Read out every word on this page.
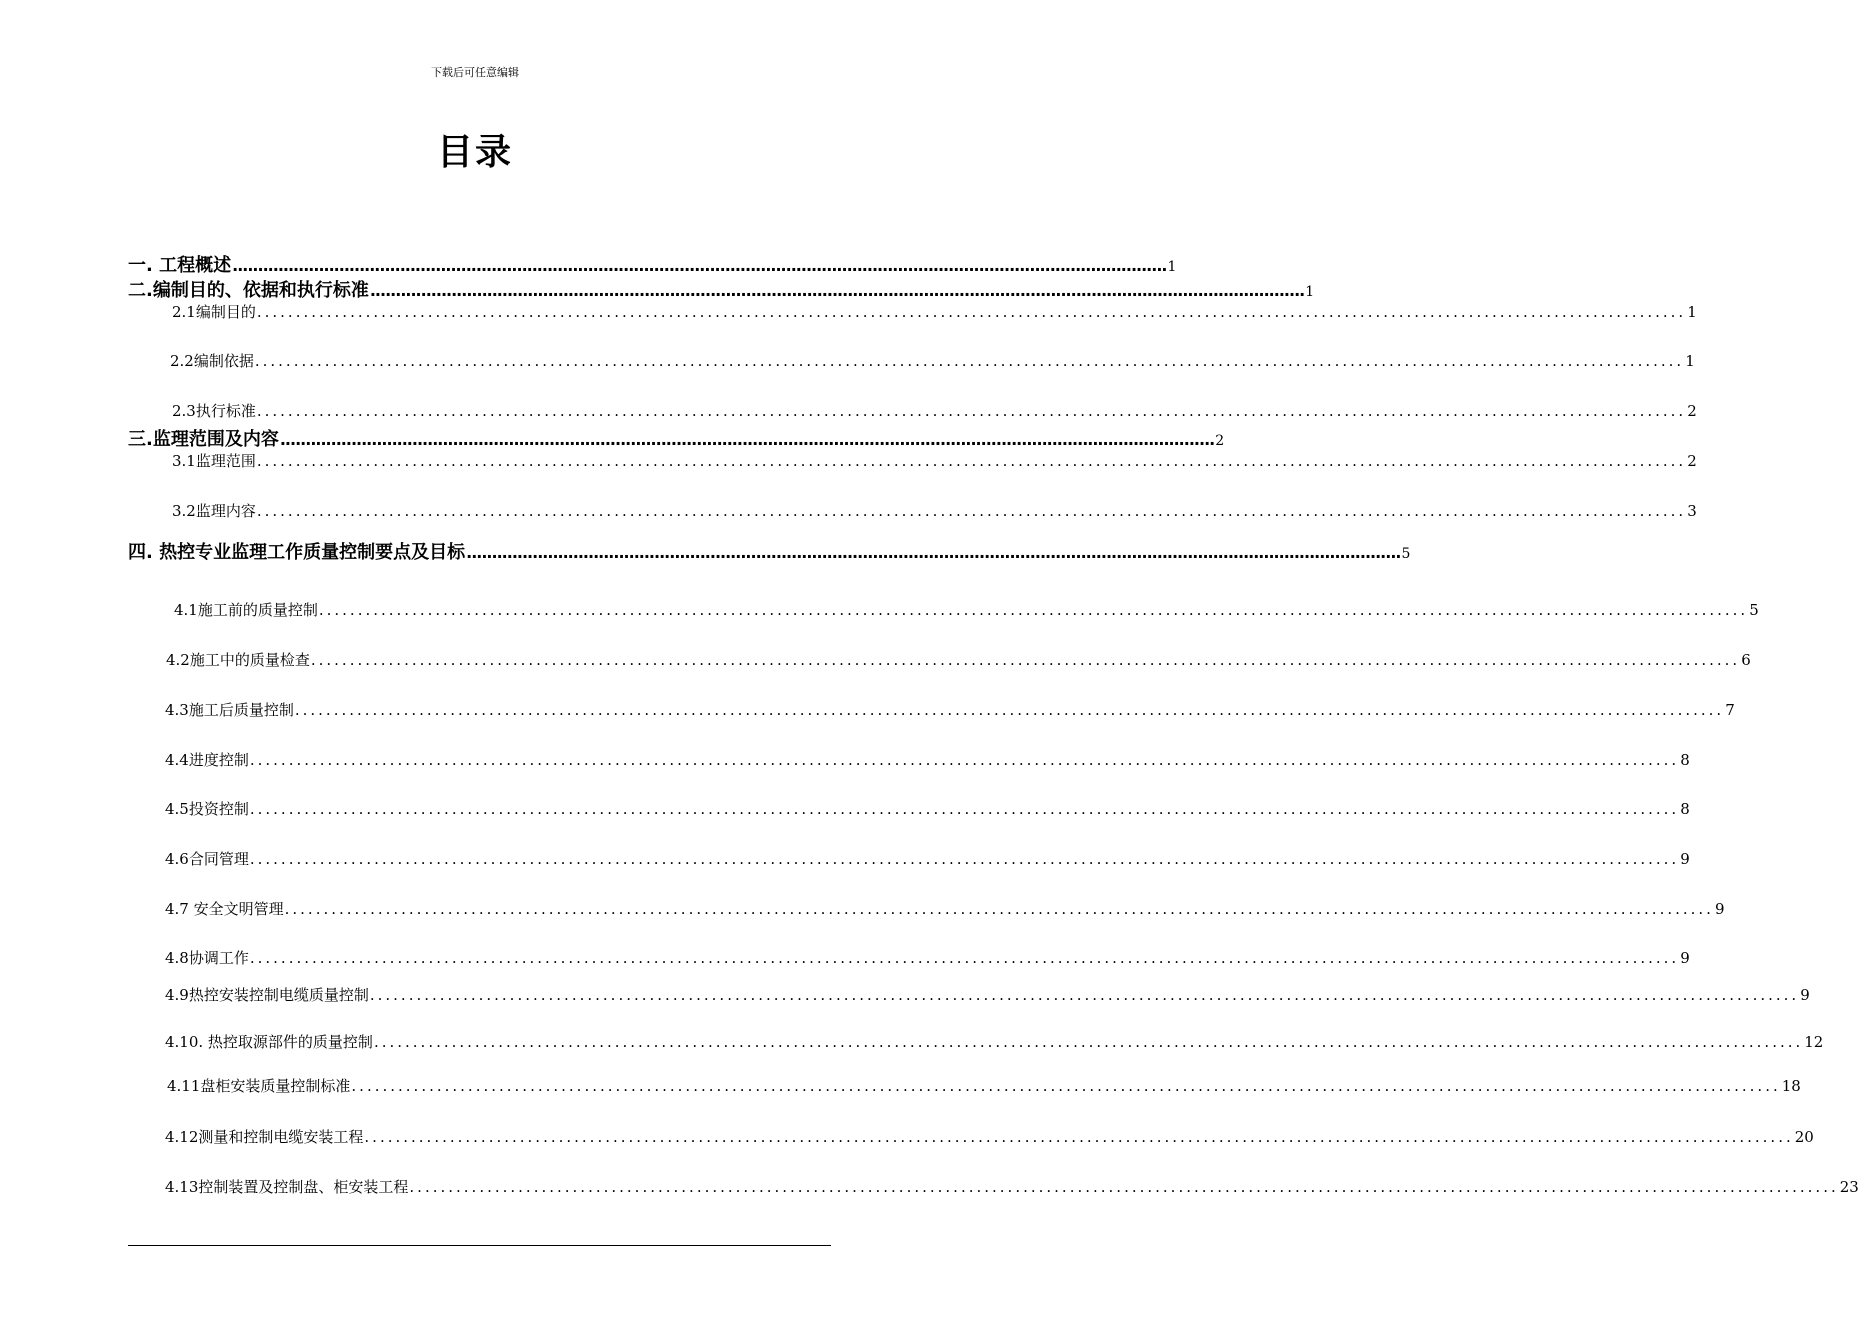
下载后可任意编辑
目录
一. 工程概述 ........................................................................................................................................................................................ 1
二.编制目的、依据和执行标准 ........................................................................................................................................................................................ 1
2.1编制目的 ........................................................................................................................................................................................ 1
2.2编制依据 ........................................................................................................................................................................................ 1
2.3执行标准 ........................................................................................................................................................................................ 2
三.监理范围及内容 ........................................................................................................................................................................................ 2
3.1监理范围 ........................................................................................................................................................................................ 2
3.2监理内容 ........................................................................................................................................................................................ 3
四. 热控专业监理工作质量控制要点及目标 ........................................................................................................................................................................................ 5
4.1施工前的质量控制 ........................................................................................................................................................................................ 5
4.2施工中的质量检查 ........................................................................................................................................................................................ 6
4.3施工后质量控制 ........................................................................................................................................................................................ 7
4.4进度控制 ........................................................................................................................................................................................ 8
4.5投资控制 ........................................................................................................................................................................................ 8
4.6合同管理 ........................................................................................................................................................................................ 9
4.7 安全文明管理 ........................................................................................................................................................................................ 9
4.8协调工作 ........................................................................................................................................................................................ 9
4.9热控安装控制电缆质量控制 ........................................................................................................................................................................................ 9
4.10. 热控取源部件的质量控制 ........................................................................................................................................................................................ 12
4.11盘柜安装质量控制标准 ........................................................................................................................................................................................ 18
4.12测量和控制电缆安装工程 ........................................................................................................................................................................................ 20
4.13控制装置及控制盘、柜安装工程 ........................................................................................................................................................................................ 23
